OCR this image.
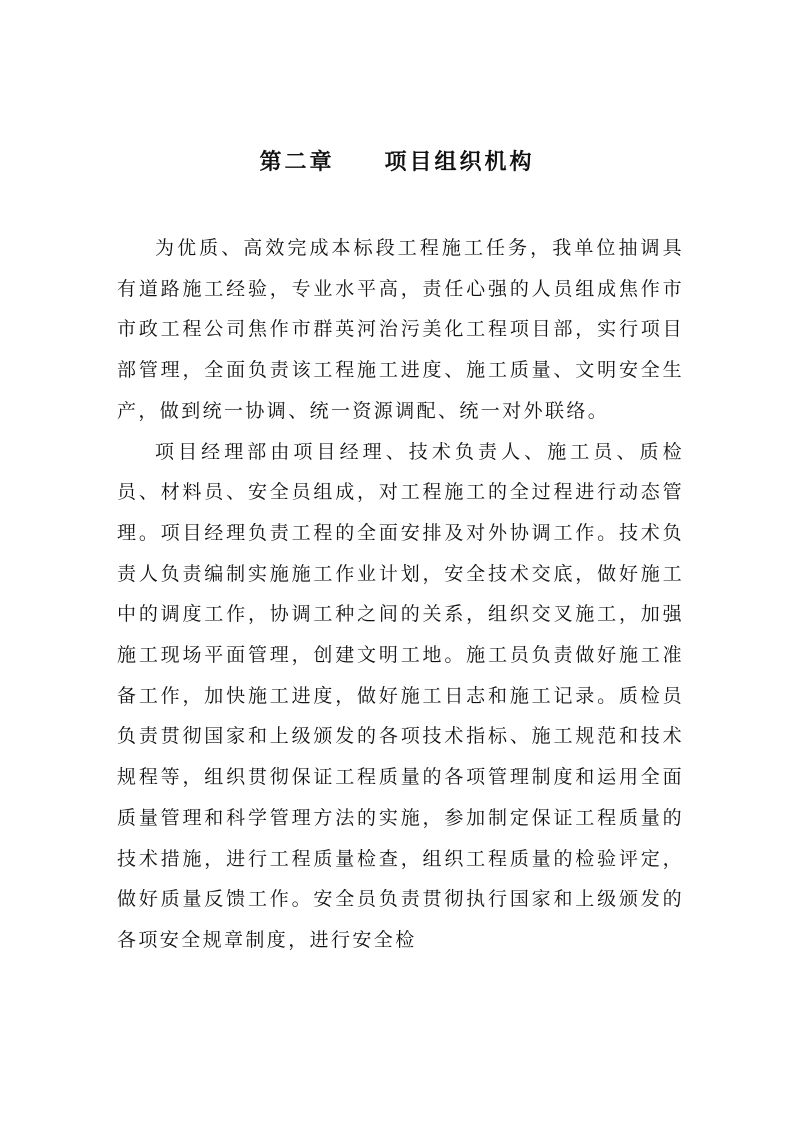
第二章 项目组织机构

为优质、高效完成本标段工程施工任务，我单位抽调具有道路施工经验，专业水平高，责任心强的人员组成焦作市市政工程公司焦作市群英河治污美化工程项目部，实行项目部管理，全面负责该工程施工进度、施工质量、文明安全生产，做到统一协调、统一资源调配、统一对外联络。

项目经理部由项目经理、技术负责人、施工员、质检员、材料员、安全员组成，对工程施工的全过程进行动态管理。项目经理负责工程的全面安排及对外协调工作。技术负责人负责编制实施施工作业计划，安全技术交底，做好施工中的调度工作，协调工种之间的关系，组织交叉施工，加强施工现场平面管理，创建文明工地。施工员负责做好施工准备工作，加快施工进度，做好施工日志和施工记录。质检员负责贯彻国家和上级颁发的各项技术指标、施工规范和技术规程等，组织贯彻保证工程质量的各项管理制度和运用全面质量管理和科学管理方法的实施，参加制定保证工程质量的技术措施，进行工程质量检查，组织工程质量的检验评定，做好质量反馈工作。安全员负责贯彻执行国家和上级颁发的各项安全规章制度，进行安全检
